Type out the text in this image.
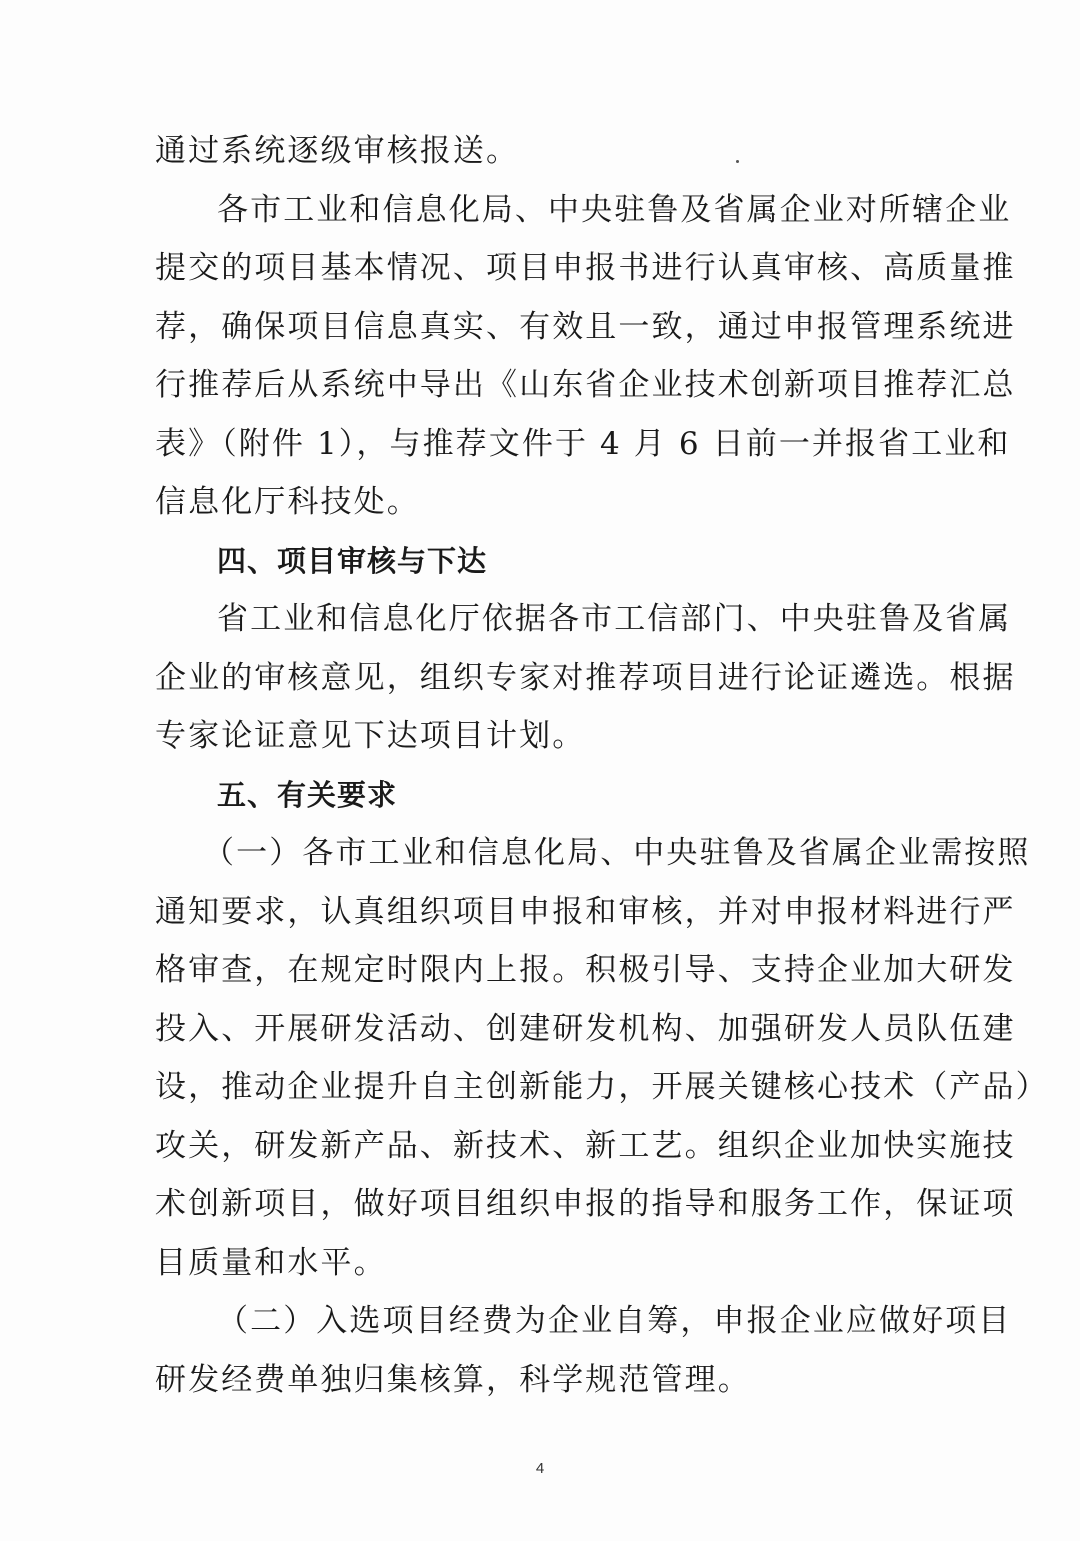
通过系统逐级审核报送。
各市工业和信息化局、中央驻鲁及省属企业对所辖企业
提交的项目基本情况、项目申报书进行认真审核、高质量推
荐，确保项目信息真实、有效且一致，通过申报管理系统进
行推荐后从系统中导出《山东省企业技术创新项目推荐汇总
表》（附件 1），与推荐文件于 4 月 6 日前一并报省工业和
信息化厅科技处。
四、项目审核与下达
省工业和信息化厅依据各市工信部门、中央驻鲁及省属
企业的审核意见，组织专家对推荐项目进行论证遴选。根据
专家论证意见下达项目计划。
五、有关要求
（一）各市工业和信息化局、中央驻鲁及省属企业需按照
通知要求，认真组织项目申报和审核，并对申报材料进行严
格审查，在规定时限内上报。积极引导、支持企业加大研发
投入、开展研发活动、创建研发机构、加强研发人员队伍建
设，推动企业提升自主创新能力，开展关键核心技术（产品）
攻关，研发新产品、新技术、新工艺。组织企业加快实施技
术创新项目，做好项目组织申报的指导和服务工作，保证项
目质量和水平。
（二）入选项目经费为企业自筹，申报企业应做好项目
研发经费单独归集核算，科学规范管理。
4
